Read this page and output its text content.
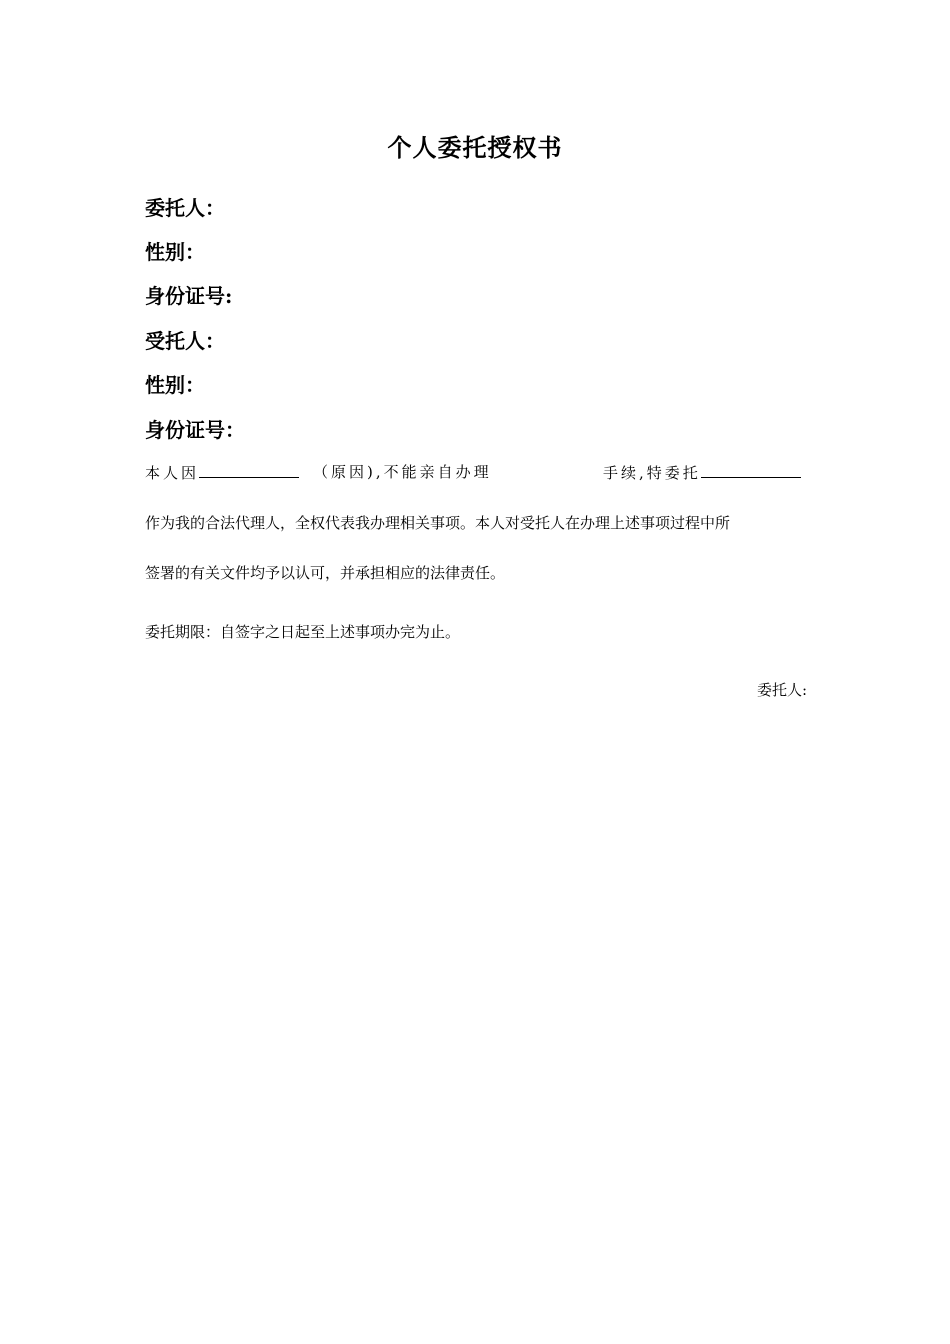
个人委托授权书
委托人：
性别：
身份证号:
受托人：
性别：
身份证号：
本人因	（原因),不能亲自办理	手续,特委托
作为我的合法代理人，全权代表我办理相关事项。本人对受托人在办理上述事项过程中所
签署的有关文件均予以认可，并承担相应的法律责任。
委托期限：自签字之日起至上述事项办完为止。
委托人:
